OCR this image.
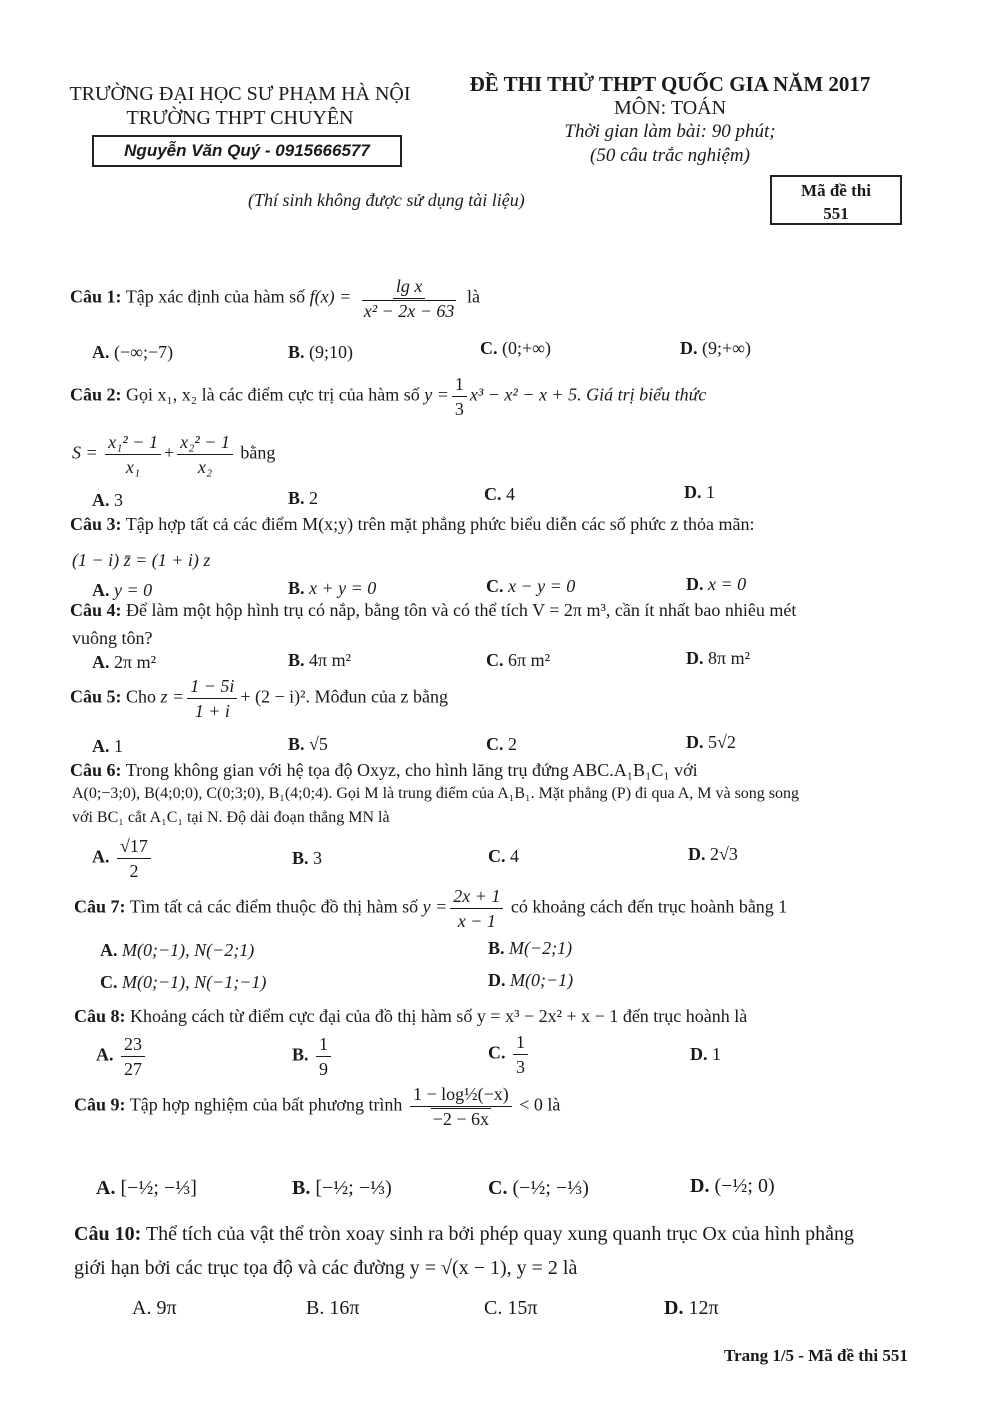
TRƯỜNG ĐẠI HỌC SƯ PHẠM HÀ NỘI
TRƯỜNG THPT CHUYÊN
Nguyễn Văn Quý - 0915666577
ĐỀ THI THỬ THPT QUỐC GIA NĂM 2017
MÔN: TOÁN
Thời gian làm bài: 90 phút;
(50 câu trắc nghiệm)
(Thí sinh không được sử dụng tài liệu)	Mã đề thi
551
Câu 1: Tập xác định của hàm số $f(x) = \frac{\text{lg x}}{\text{x² − 2x − 63}}$ là
A. (−∞;−7)	B. (9;10)	C. (0;+∞)	D. (9;+∞)
Câu 2: Gọi x₁, x₂ là các điểm cực trị của hàm số $y = \frac{1}{3} x^3 - x^2 - x + 5$. Giá trị biểu thức
$S = \frac{\text{x₁² − 1}}{\text{x₁}} + \frac{\text{x₂² − 1}}{\text{x₂}}$ bằng
A. 3	B. 2	C. 4	D. 1
Câu 3: Tập hợp tất cả các điểm M(x;y) trên mặt phẳng phức biểu diễn các số phức z thỏa mãn:
(1 − i) z̄ = (1 + i) z
A. y = 0	B. x + y = 0	C. x − y = 0	D. x = 0
Câu 4: Để làm một hộp hình trụ có nắp, bằng tôn và có thể tích V = 2π m³, cần ít nhất bao nhiêu mét
vuông tôn?
A. 2π m²	B. 4π m²	C. 6π m²	D. 8π m²
Câu 5: Cho $z = \frac{1 - 5i}{1 + i} + (2 - i)^2$. Môđun của z bằng
A. 1	B. √5	C. 2	D. 5√2
Câu 6: Trong không gian với hệ tọa độ Oxyz, cho hình lăng trụ đứng ABC.A₁B₁C₁ với
A(0;−3;0), B(4;0;0), C(0;3;0), B₁(4;0;4). Gọi M là trung điểm của A₁B₁. Mặt phẳng (P) đi qua A, M và song song
với BC₁ cắt A₁C₁ tại N. Độ dài đoạn thẳng MN là
A. $\frac{√17}{2}$	B. 3	C. 4	D. 2√3
Câu 7: Tìm tất cả các điểm thuộc đồ thị hàm số $y = \frac{2x + 1}{x - 1}$ có khoảng cách đến trục hoành bằng 1
A. M(0;−1), N(−2;1)	B. M(−2;1)
C. M(0;−1), N(−1;−1)	D. M(0;−1)
Câu 8: Khoảng cách từ điểm cực đại của đồ thị hàm số y = x³ − 2x² + x − 1 đến trục hoành là
A. $\frac{23}{27}$	B. $\frac{1}{9}$	C. $\frac{1}{3}$	D. 1
Câu 9: Tập hợp nghiệm của bất phương trình $\frac{\text{1 − log½(−x)}}{-2 - 6x} < 0$ là
A. [−½; −⅓]	B. [−½; −⅓)	C. (−½; −⅓)	D. (−½; 0)
Câu 10: Thể tích của vật thể tròn xoay sinh ra bởi phép quay xung quanh trục Ox của hình phẳng
giới hạn bởi các trục tọa độ và các đường y = √(x − 1), y = 2 là
A. 9π	B. 16π	C. 15π	D. 12π
Trang 1/5 - Mã đề thi 551
